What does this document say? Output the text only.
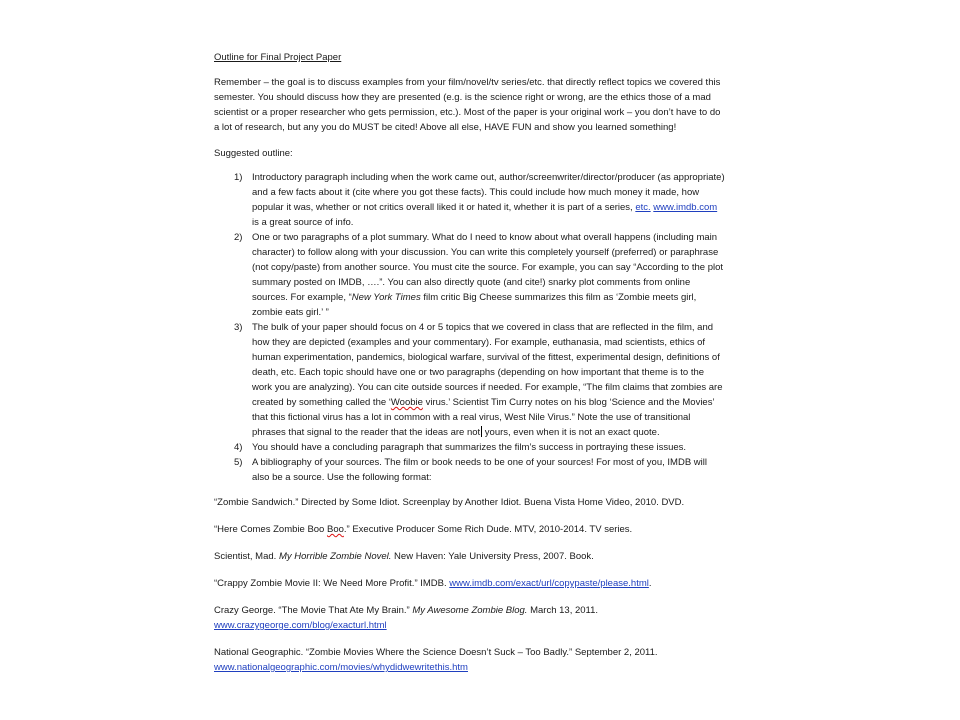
Outline for Final Project Paper
Remember – the goal is to discuss examples from your film/novel/tv series/etc. that directly reflect topics we covered this semester. You should discuss how they are presented (e.g. is the science right or wrong, are the ethics those of a mad scientist or a proper researcher who gets permission, etc.). Most of the paper is your original work – you don’t have to do a lot of research, but any you do MUST be cited! Above all else, HAVE FUN and show you learned something!
Suggested outline:
1) Introductory paragraph including when the work came out, author/screenwriter/director/producer (as appropriate) and a few facts about it (cite where you got these facts). This could include how much money it made, how popular it was, whether or not critics overall liked it or hated it, whether it is part of a series, etc. www.imdb.com is a great source of info.
2) One or two paragraphs of a plot summary. What do I need to know about what overall happens (including main character) to follow along with your discussion. You can write this completely yourself (preferred) or paraphrase (not copy/paste) from another source. You must cite the source. For example, you can say “According to the plot summary posted on IMDB, ….”. You can also directly quote (and cite!) snarky plot comments from online sources. For example, “New York Times film critic Big Cheese summarizes this film as ‘Zombie meets girl, zombie eats girl.’ ”
3) The bulk of your paper should focus on 4 or 5 topics that we covered in class that are reflected in the film, and how they are depicted (examples and your commentary). For example, euthanasia, mad scientists, ethics of human experimentation, pandemics, biological warfare, survival of the fittest, experimental design, definitions of death, etc. Each topic should have one or two paragraphs (depending on how important that theme is to the work you are analyzing). You can cite outside sources if needed. For example, “The film claims that zombies are created by something called the ‘Woobie virus.’ Scientist Tim Curry notes on his blog ‘Science and the Movies’ that this fictional virus has a lot in common with a real virus, West Nile Virus.” Note the use of transitional phrases that signal to the reader that the ideas are not yours, even when it is not an exact quote.
4) You should have a concluding paragraph that summarizes the film’s success in portraying these issues.
5) A bibliography of your sources. The film or book needs to be one of your sources! For most of you, IMDB will also be a source. Use the following format:
“Zombie Sandwich.” Directed by Some Idiot. Screenplay by Another Idiot. Buena Vista Home Video, 2010. DVD.
“Here Comes Zombie Boo Boo.” Executive Producer Some Rich Dude. MTV, 2010-2014. TV series.
Scientist, Mad. My Horrible Zombie Novel. New Haven: Yale University Press, 2007. Book.
“Crappy Zombie Movie II: We Need More Profit.” IMDB. www.imdb.com/exact/url/copypaste/please.html.
Crazy George. “The Movie That Ate My Brain.” My Awesome Zombie Blog. March 13, 2011.
www.crazygeorge.com/blog/exacturl.html
National Geographic. “Zombie Movies Where the Science Doesn’t Suck – Too Badly.” September 2, 2011.
www.nationalgeographic.com/movies/whydidwewritethis.htm
